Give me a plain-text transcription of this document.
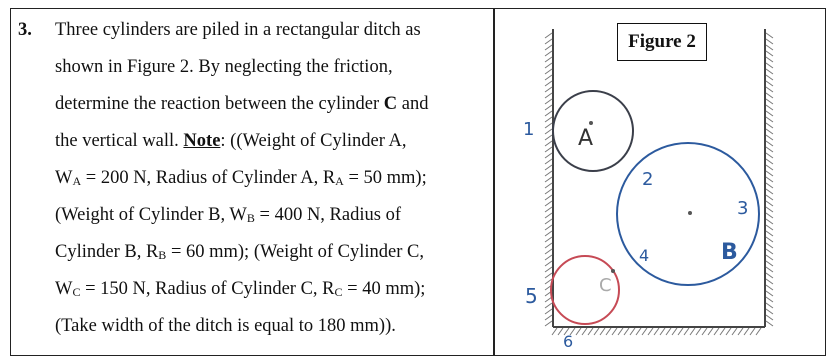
3. Three cylinders are piled in a rectangular ditch as
shown in Figure 2. By neglecting the friction,
determine the reaction between the cylinder C and
the vertical wall. Note: ((Weight of Cylinder A,
$W_A = 200$ N, Radius of Cylinder A, $R_A = 50$ mm);
(Weight of Cylinder B, $W_B = 400$ N, Radius of
Cylinder B, $R_B = 60$ mm); (Weight of Cylinder C,
$W_C = 150$ N, Radius of Cylinder C, $R_C = 40$ mm);
(Take width of the ditch is equal to 180 mm)).
A
B
C
1
2
3
4
5
6
Figure 2
